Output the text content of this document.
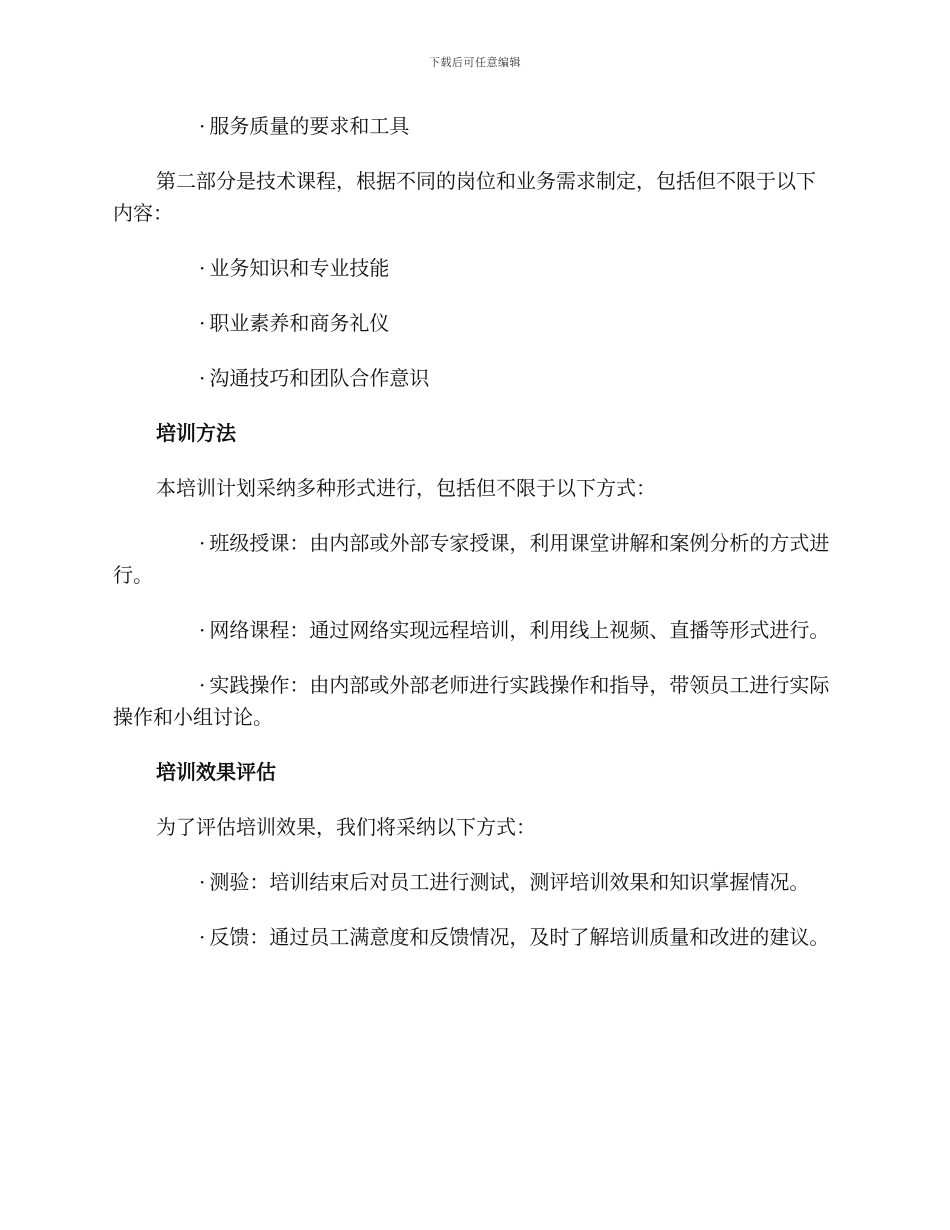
下载后可任意编辑

· 服务质量的要求和工具

第二部分是技术课程，根据不同的岗位和业务需求制定，包括但不限于以下内容：

· 业务知识和专业技能

· 职业素养和商务礼仪

· 沟通技巧和团队合作意识

培训方法

本培训计划采纳多种形式进行，包括但不限于以下方式：

· 班级授课：由内部或外部专家授课，利用课堂讲解和案例分析的方式进行。

· 网络课程：通过网络实现远程培训，利用线上视频、直播等形式进行。

· 实践操作：由内部或外部老师进行实践操作和指导，带领员工进行实际操作和小组讨论。

培训效果评估

为了评估培训效果，我们将采纳以下方式：

· 测验：培训结束后对员工进行测试，测评培训效果和知识掌握情况。

· 反馈：通过员工满意度和反馈情况，及时了解培训质量和改进的建议。
